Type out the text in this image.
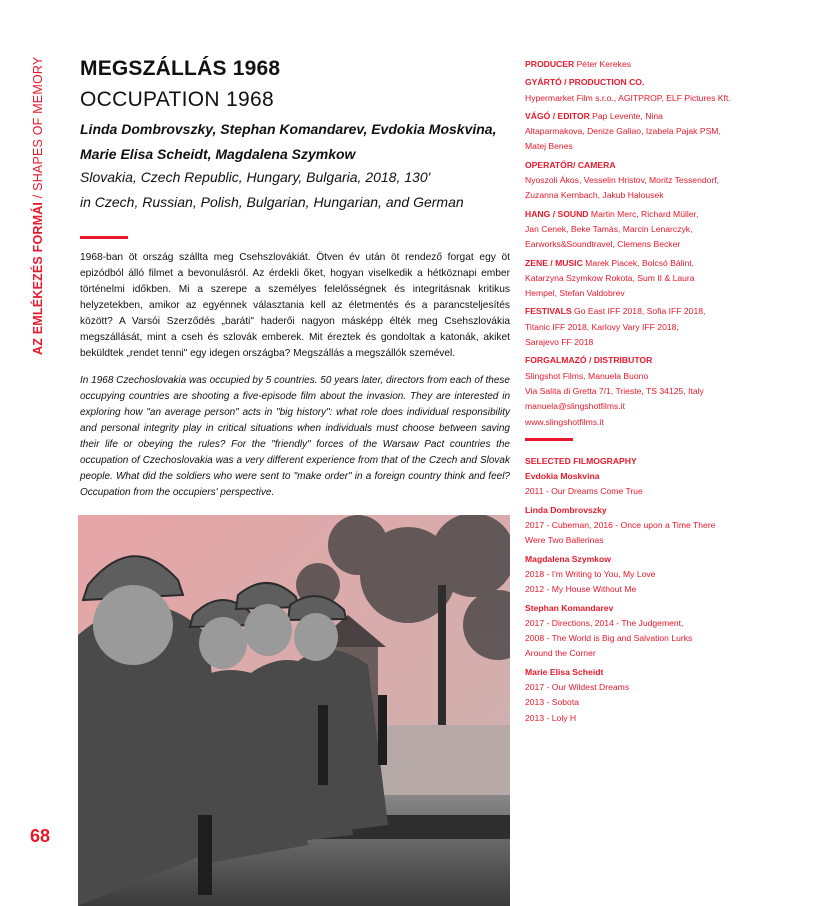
AZ EMLÉKEZÉS FORMÁI / SHAPES OF MEMORY
68
MEGSZÁLLÁS 1968
OCCUPATION 1968
Linda Dombrovszky, Stephan Komandarev, Evdokia Moskvina,
Marie Elisa Scheidt, Magdalena Szymkow
Slovakia, Czech Republic, Hungary, Bulgaria, 2018, 130'
in Czech, Russian, Polish, Bulgarian, Hungarian, and German
1968-ban öt ország szállta meg Csehszlovákiát. Ötven év után öt rendező forgat egy öt epizódból álló filmet a bevonulásról. Az érdekli őket, hogyan viselkedik a hétköznapi ember történelmi időkben. Mi a szerepe a személyes felelősségnek és integritásnak kritikus helyzetekben, amikor az egyénnek választania kell az életmentés és a parancsteljesítés között? A Varsói Szerződés „baráti" haderői nagyon másképp élték meg Csehszlovákia megszállását, mint a cseh és szlovák emberek. Mit éreztek és gondoltak a katonák, akiket beküldtek „rendet tenni" egy idegen országba? Megszállás a megszállók szemével.
In 1968 Czechoslovakia was occupied by 5 countries. 50 years later, directors from each of these occupying countries are shooting a five-episode film about the invasion. They are interested in exploring how "an average person" acts in "big history": what role does individual responsibility and personal integrity play in critical situations when individuals must choose between saving their life or obeying the rules? For the "friendly" forces of the Warsaw Pact countries the occupation of Czechoslovakia was a very different experience from that of the Czech and Slovak people. What did the soldiers who were sent to "make order" in a foreign country think and feel? Occupation from the occupiers' perspective.
PRODUCER Péter Kerekes
GYÁRTÓ / PRODUCTION CO.
Hypermarket Film s.r.o., AGITPROP, ELF Pictures Kft.
VÁGÓ / EDITOR Pap Levente, Nina
Altaparmakova, Denize Galiao, Izabela Pajak PSM,
Matej Benes
OPERATŐR/ CAMERA
Nyoszoli Ákos, Vesselin Hristov, Moritz Tessendorf,
Zuzanna Kernbach, Jakub Halousek
HANG / SOUND Martin Merc, Richard Müller,
Jan Cenek, Beke Tamás, Marcin Lenarczyk,
Earworks&Soundtravel, Clemens Becker
ZENE / MUSIC Marek Piacek, Bolcsó Bálint,
Katarzyna Szymkow Rokota, Sum II & Laura
Hempel, Stefan Valdobrev
FESTIVALS Go East IFF 2018, Sofia IFF 2018,
Titanic IFF 2018, Karlovy Vary IFF 2018,
Sarajevo FF 2018
FORGALMAZÓ / DISTRIBUTOR
Slingshot Films, Manuela Buono
Via Salita di Gretta 7/1, Trieste, TS 34125, Italy
manuela@slingshotfilms.it
www.slingshotfilms.it
SELECTED FILMOGRAPHY
Evdokia Moskvina
2011 - Our Dreams Come True
Linda Dombrovszky
2017 - Cubeman, 2016 - Once upon a Time There
Were Two Ballerinas
Magdalena Szymkow
2018 - I'm Writing to You, My Love
2012 - My House Without Me
Stephan Komandarev
2017 - Directions, 2014 - The Judgement,
2008 - The World is Big and Salvation Lurks
Around the Corner
Marie Elisa Scheidt
2017 - Our Wildest Dreams
2013 - Sobota
2013 - Loly H
